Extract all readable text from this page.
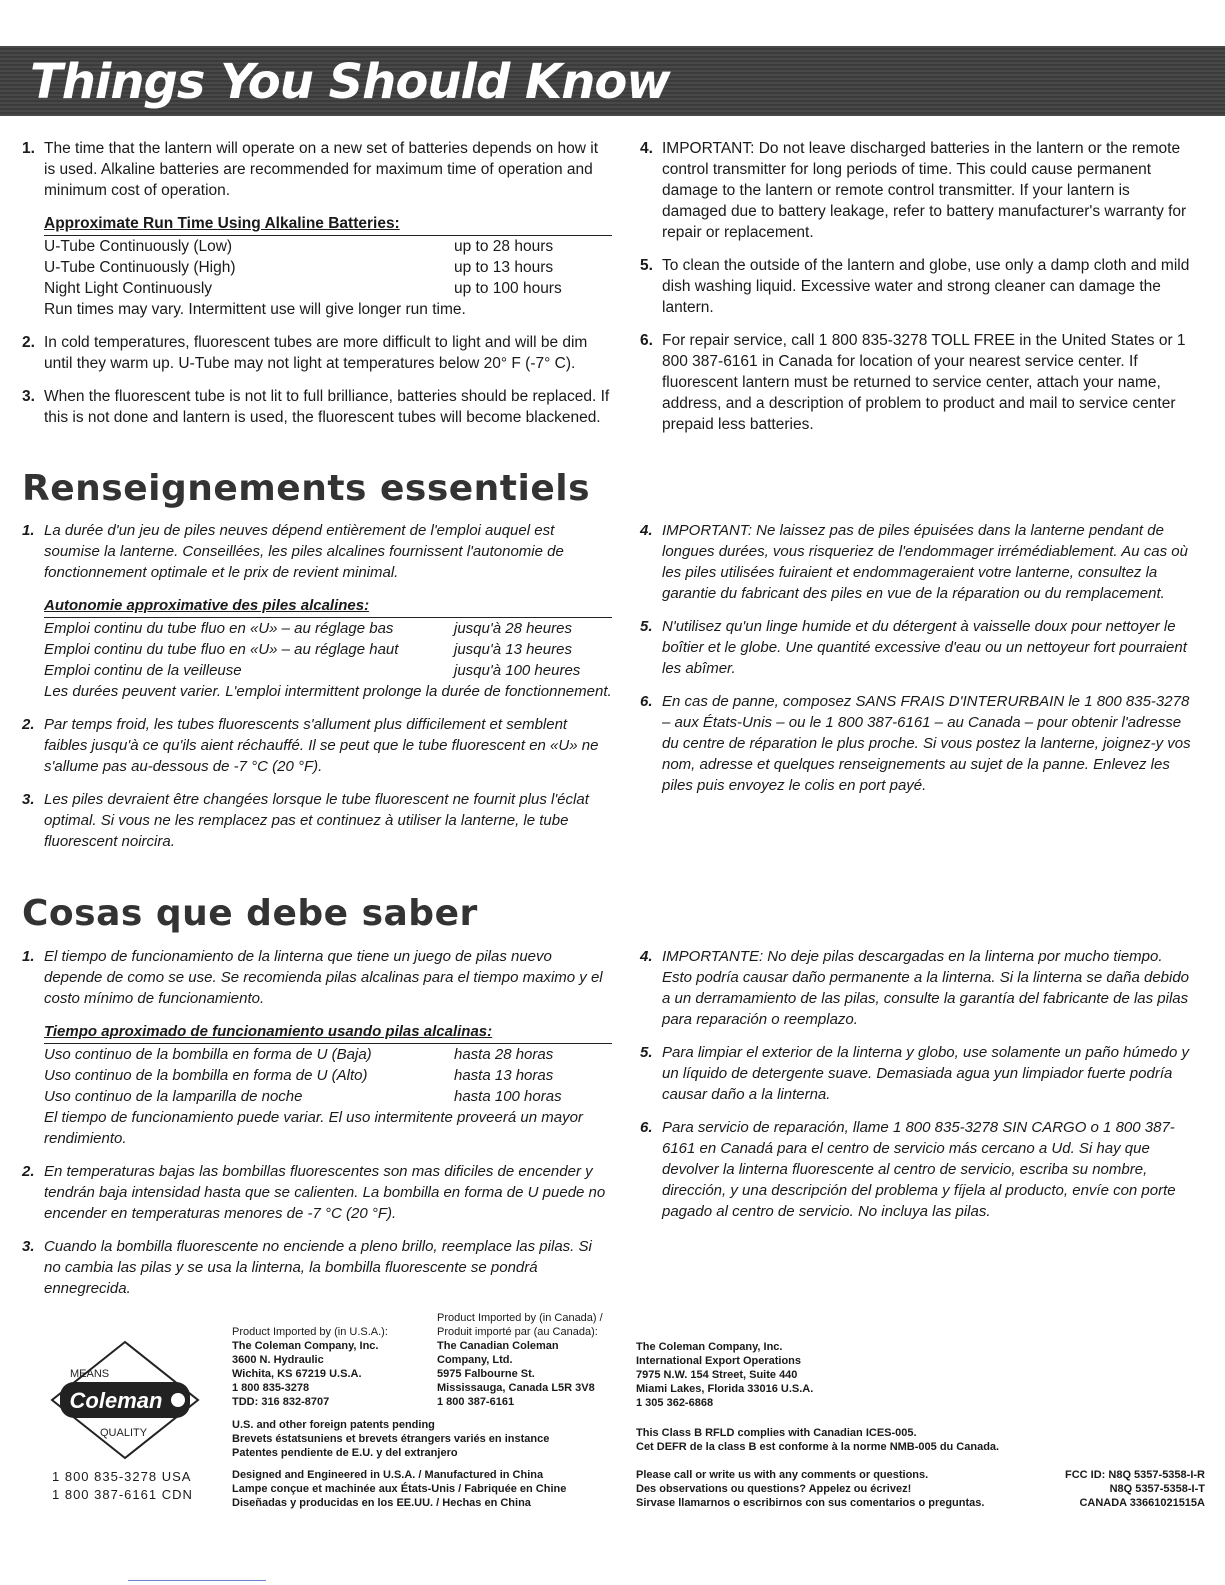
Things You Should Know
1. The time that the lantern will operate on a new set of batteries depends on how it is used. Alkaline batteries are recommended for maximum time of operation and minimum cost of operation.
Approximate Run Time Using Alkaline Batteries:
U-Tube Continuously (Low)	up to 28 hours
U-Tube Continuously (High)	up to 13 hours
Night Light Continuously	up to 100 hours
Run times may vary. Intermittent use will give longer run time.
2. In cold temperatures, fluorescent tubes are more difficult to light and will be dim until they warm up. U-Tube may not light at temperatures below 20° F (-7° C).
3. When the fluorescent tube is not lit to full brilliance, batteries should be replaced. If this is not done and lantern is used, the fluorescent tubes will become blackened.
4. IMPORTANT: Do not leave discharged batteries in the lantern or the remote control transmitter for long periods of time. This could cause permanent damage to the lantern or remote control transmitter. If your lantern is damaged due to battery leakage, refer to battery manufacturer's warranty for repair or replacement.
5. To clean the outside of the lantern and globe, use only a damp cloth and mild dish washing liquid. Excessive water and strong cleaner can damage the lantern.
6. For repair service, call 1 800 835-3278 TOLL FREE in the United States or 1 800 387-6161 in Canada for location of your nearest service center. If fluorescent lantern must be returned to service center, attach your name, address, and a description of problem to product and mail to service center prepaid less batteries.
Renseignements essentiels
1. La durée d'un jeu de piles neuves dépend entièrement de l'emploi auquel est soumise la lanterne. Conseillées, les piles alcalines fournissent l'autonomie de fonctionnement optimale et le prix de revient minimal.
Autonomie approximative des piles alcalines:
Emploi continu du tube fluo en «U» – au réglage bas	jusqu'à 28 heures
Emploi continu du tube fluo en «U» – au réglage haut	jusqu'à 13 heures
Emploi continu de la veilleuse	jusqu'à 100 heures
Les durées peuvent varier. L'emploi intermittent prolonge la durée de fonctionnement.
2. Par temps froid, les tubes fluorescents s'allument plus difficilement et semblent faibles jusqu'à ce qu'ils aient réchauffé. Il se peut que le tube fluorescent en «U» ne s'allume pas au-dessous de -7 °C (20 °F).
3. Les piles devraient être changées lorsque le tube fluorescent ne fournit plus l'éclat optimal. Si vous ne les remplacez pas et continuez à utiliser la lanterne, le tube fluorescent noircira.
4. IMPORTANT: Ne laissez pas de piles épuisées dans la lanterne pendant de longues durées, vous risqueriez de l'endommager irrémédiablement. Au cas où les piles utilisées fuiraient et endommageraient votre lanterne, consultez la garantie du fabricant des piles en vue de la réparation ou du remplacement.
5. N'utilisez qu'un linge humide et du détergent à vaisselle doux pour nettoyer le boîtier et le globe. Une quantité excessive d'eau ou un nettoyeur fort pourraient les abîmer.
6. En cas de panne, composez SANS FRAIS D'INTERURBAIN le 1 800 835-3278 – aux États-Unis – ou le 1 800 387-6161 – au Canada – pour obtenir l'adresse du centre de réparation le plus proche. Si vous postez la lanterne, joignez-y vos nom, adresse et quelques renseignements au sujet de la panne. Enlevez les piles puis envoyez le colis en port payé.
Cosas que debe saber
1. El tiempo de funcionamiento de la linterna que tiene un juego de pilas nuevo depende de como se use. Se recomienda pilas alcalinas para el tiempo maximo y el costo mínimo de funcionamiento.
Tiempo aproximado de funcionamiento usando pilas alcalinas:
Uso continuo de la bombilla en forma de U (Baja)	hasta 28 horas
Uso continuo de la bombilla en forma de U (Alto)	hasta 13 horas
Uso continuo de la lamparilla de noche	hasta 100 horas
El tiempo de funcionamiento puede variar. El uso intermitente proveerá un mayor rendimiento.
2. En temperaturas bajas las bombillas fluorescentes son mas dificiles de encender y tendrán baja intensidad hasta que se calienten. La bombilla en forma de U puede no encender en temperaturas menores de -7 °C (20 °F).
3. Cuando la bombilla fluorescente no enciende a pleno brillo, reemplace las pilas. Si no cambia las pilas y se usa la linterna, la bombilla fluorescente se pondrá ennegrecida.
4. IMPORTANTE: No deje pilas descargadas en la linterna por mucho tiempo. Esto podría causar daño permanente a la linterna. Si la linterna se daña debido a un derramamiento de las pilas, consulte la garantía del fabricante de las pilas para reparación o reemplazo.
5. Para limpiar el exterior de la linterna y globo, use solamente un paño húmedo y un líquido de detergente suave. Demasiada agua yun limpiador fuerte podría causar daño a la linterna.
6. Para servicio de reparación, llame 1 800 835-3278 SIN CARGO o 1 800 387-6161 en Canadá para el centro de servicio más cercano a Ud. Si hay que devolver la linterna fluorescente al centro de servicio, escriba su nombre, dirección, y una descripción del problema y fíjela al producto, envíe con porte pagado al centro de servicio. No incluya las pilas.
MEANS
Coleman
QUALITY
1 800 835-3278 USA
1 800 387-6161 CDN
Product Imported by (in U.S.A.):
The Coleman Company, Inc.
3600 N. Hydraulic
Wichita, KS 67219 U.S.A.
1 800 835-3278
TDD: 316 832-8707
Product Imported by (in Canada) /
Produit importé par (au Canada):
The Canadian Coleman
Company, Ltd.
5975 Falbourne St.
Mississauga, Canada L5R 3V8
1 800 387-6161
The Coleman Company, Inc.
International Export Operations
7975 N.W. 154 Street, Suite 440
Miami Lakes, Florida 33016 U.S.A.
1 305 362-6868
U.S. and other foreign patents pending
Brevets éstatsuniens et brevets étrangers variés en instance
Patentes pendiente de E.U. y del extranjero
Designed and Engineered in U.S.A. / Manufactured in China
Lampe conçue et machinée aux États-Unis / Fabriquée en Chine
Diseñadas y producidas en los EE.UU. / Hechas en China
This Class B RFLD complies with Canadian ICES-005.
Cet DEFR de la class B est conforme à la norme NMB-005 du Canada.
Please call or write us with any comments or questions.
Des observations ou questions? Appelez ou écrivez!
Sirvase llamarnos o escribirnos con sus comentarios o preguntas.
FCC ID: N8Q 5357-5358-I-R
N8Q 5357-5358-I-T
CANADA 33661021515A
